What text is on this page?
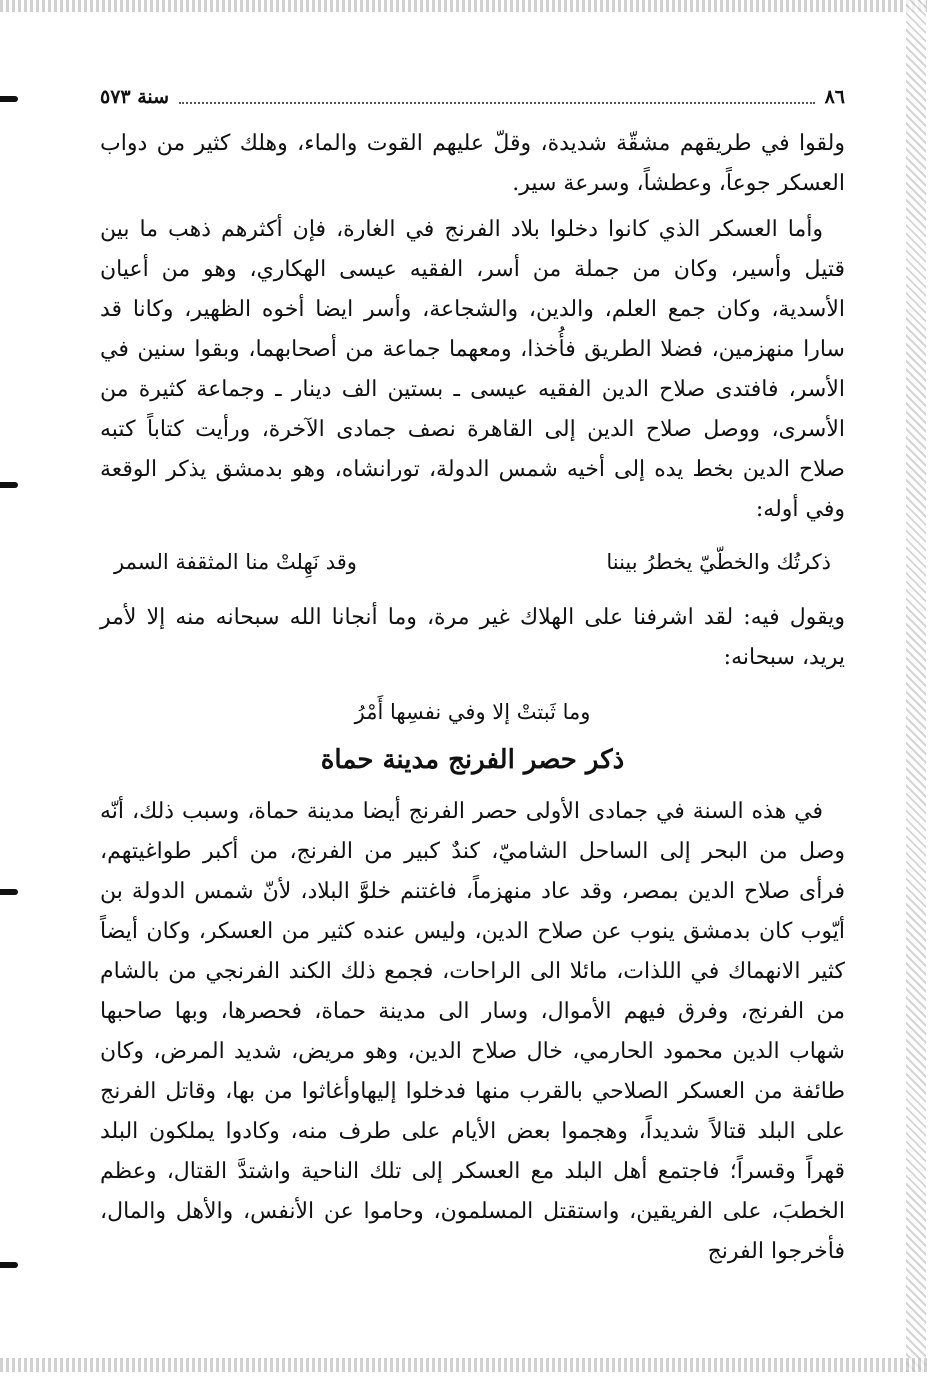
٨٦
سنة ٥٧٣

ولقوا في طريقهم مشقّة شديدة، وقلّ عليهم القوت والماء، وهلك كثير من دواب العسكر جوعاً، وعطشاً، وسرعة سير.

وأما العسكر الذي كانوا دخلوا بلاد الفرنج في الغارة، فإن أكثرهم ذهب ما بين قتيل وأسير، وكان من جملة من أسر، الفقيه عيسى الهكاري، وهو من أعيان الأسدية، وكان جمع العلم، والدين، والشجاعة، وأسر ايضا أخوه الظهير، وكانا قد سارا منهزمين، فضلا الطريق فأُخذا، ومعهما جماعة من أصحابهما، وبقوا سنين في الأسر، فافتدى صلاح الدين الفقيه عيسى ـ بستين الف دينار ـ وجماعة كثيرة من الأسرى، ووصل صلاح الدين إلى القاهرة نصف جمادى الآخرة، ورأيت كتاباً كتبه صلاح الدين بخط يده إلى أخيه شمس الدولة، تورانشاه، وهو بدمشق يذكر الوقعة وفي أوله:

ذكرتُك والخطّيّ يخطرُ بيننا
وقد نَهِلتْ منا المثقفة السمر

ويقول فيه: لقد اشرفنا على الهلاك غير مرة، وما أنجانا الله سبحانه منه إلا لأمر يريد، سبحانه:

وما ثَبتتْ إلا وفي نفسِها أَمْرُ
ذكر حصر الفرنج مدينة حماة

في هذه السنة في جمادى الأولى حصر الفرنج أيضا مدينة حماة، وسبب ذلك، أنّه وصل من البحر إلى الساحل الشاميّ، كندٌ كبير من الفرنج، من أكبر طواغيتهم، فرأى صلاح الدين بمصر، وقد عاد منهزماً، فاغتنم خلوَّ البلاد، لأنّ شمس الدولة بن أيّوب كان بدمشق ينوب عن صلاح الدين، وليس عنده كثير من العسكر، وكان أيضاً كثير الانهماك في اللذات، مائلا الى الراحات، فجمع ذلك الكند الفرنجي من بالشام من الفرنج، وفرق فيهم الأموال، وسار الى مدينة حماة، فحصرها، وبها صاحبها شهاب الدين محمود الحارمي، خال صلاح الدين، وهو مريض، شديد المرض، وكان طائفة من العسكر الصلاحي بالقرب منها فدخلوا إليهاوأغاثوا من بها، وقاتل الفرنج على البلد قتالاً شديداً، وهجموا بعض الأيام على طرف منه، وكادوا يملكون البلد قهراً وقسراً؛ فاجتمع أهل البلد مع العسكر إلى تلك الناحية واشتدَّ القتال، وعظم الخطبَ، على الفريقين، واستقتل المسلمون، وحاموا عن الأنفس، والأهل والمال، فأخرجوا الفرنج
